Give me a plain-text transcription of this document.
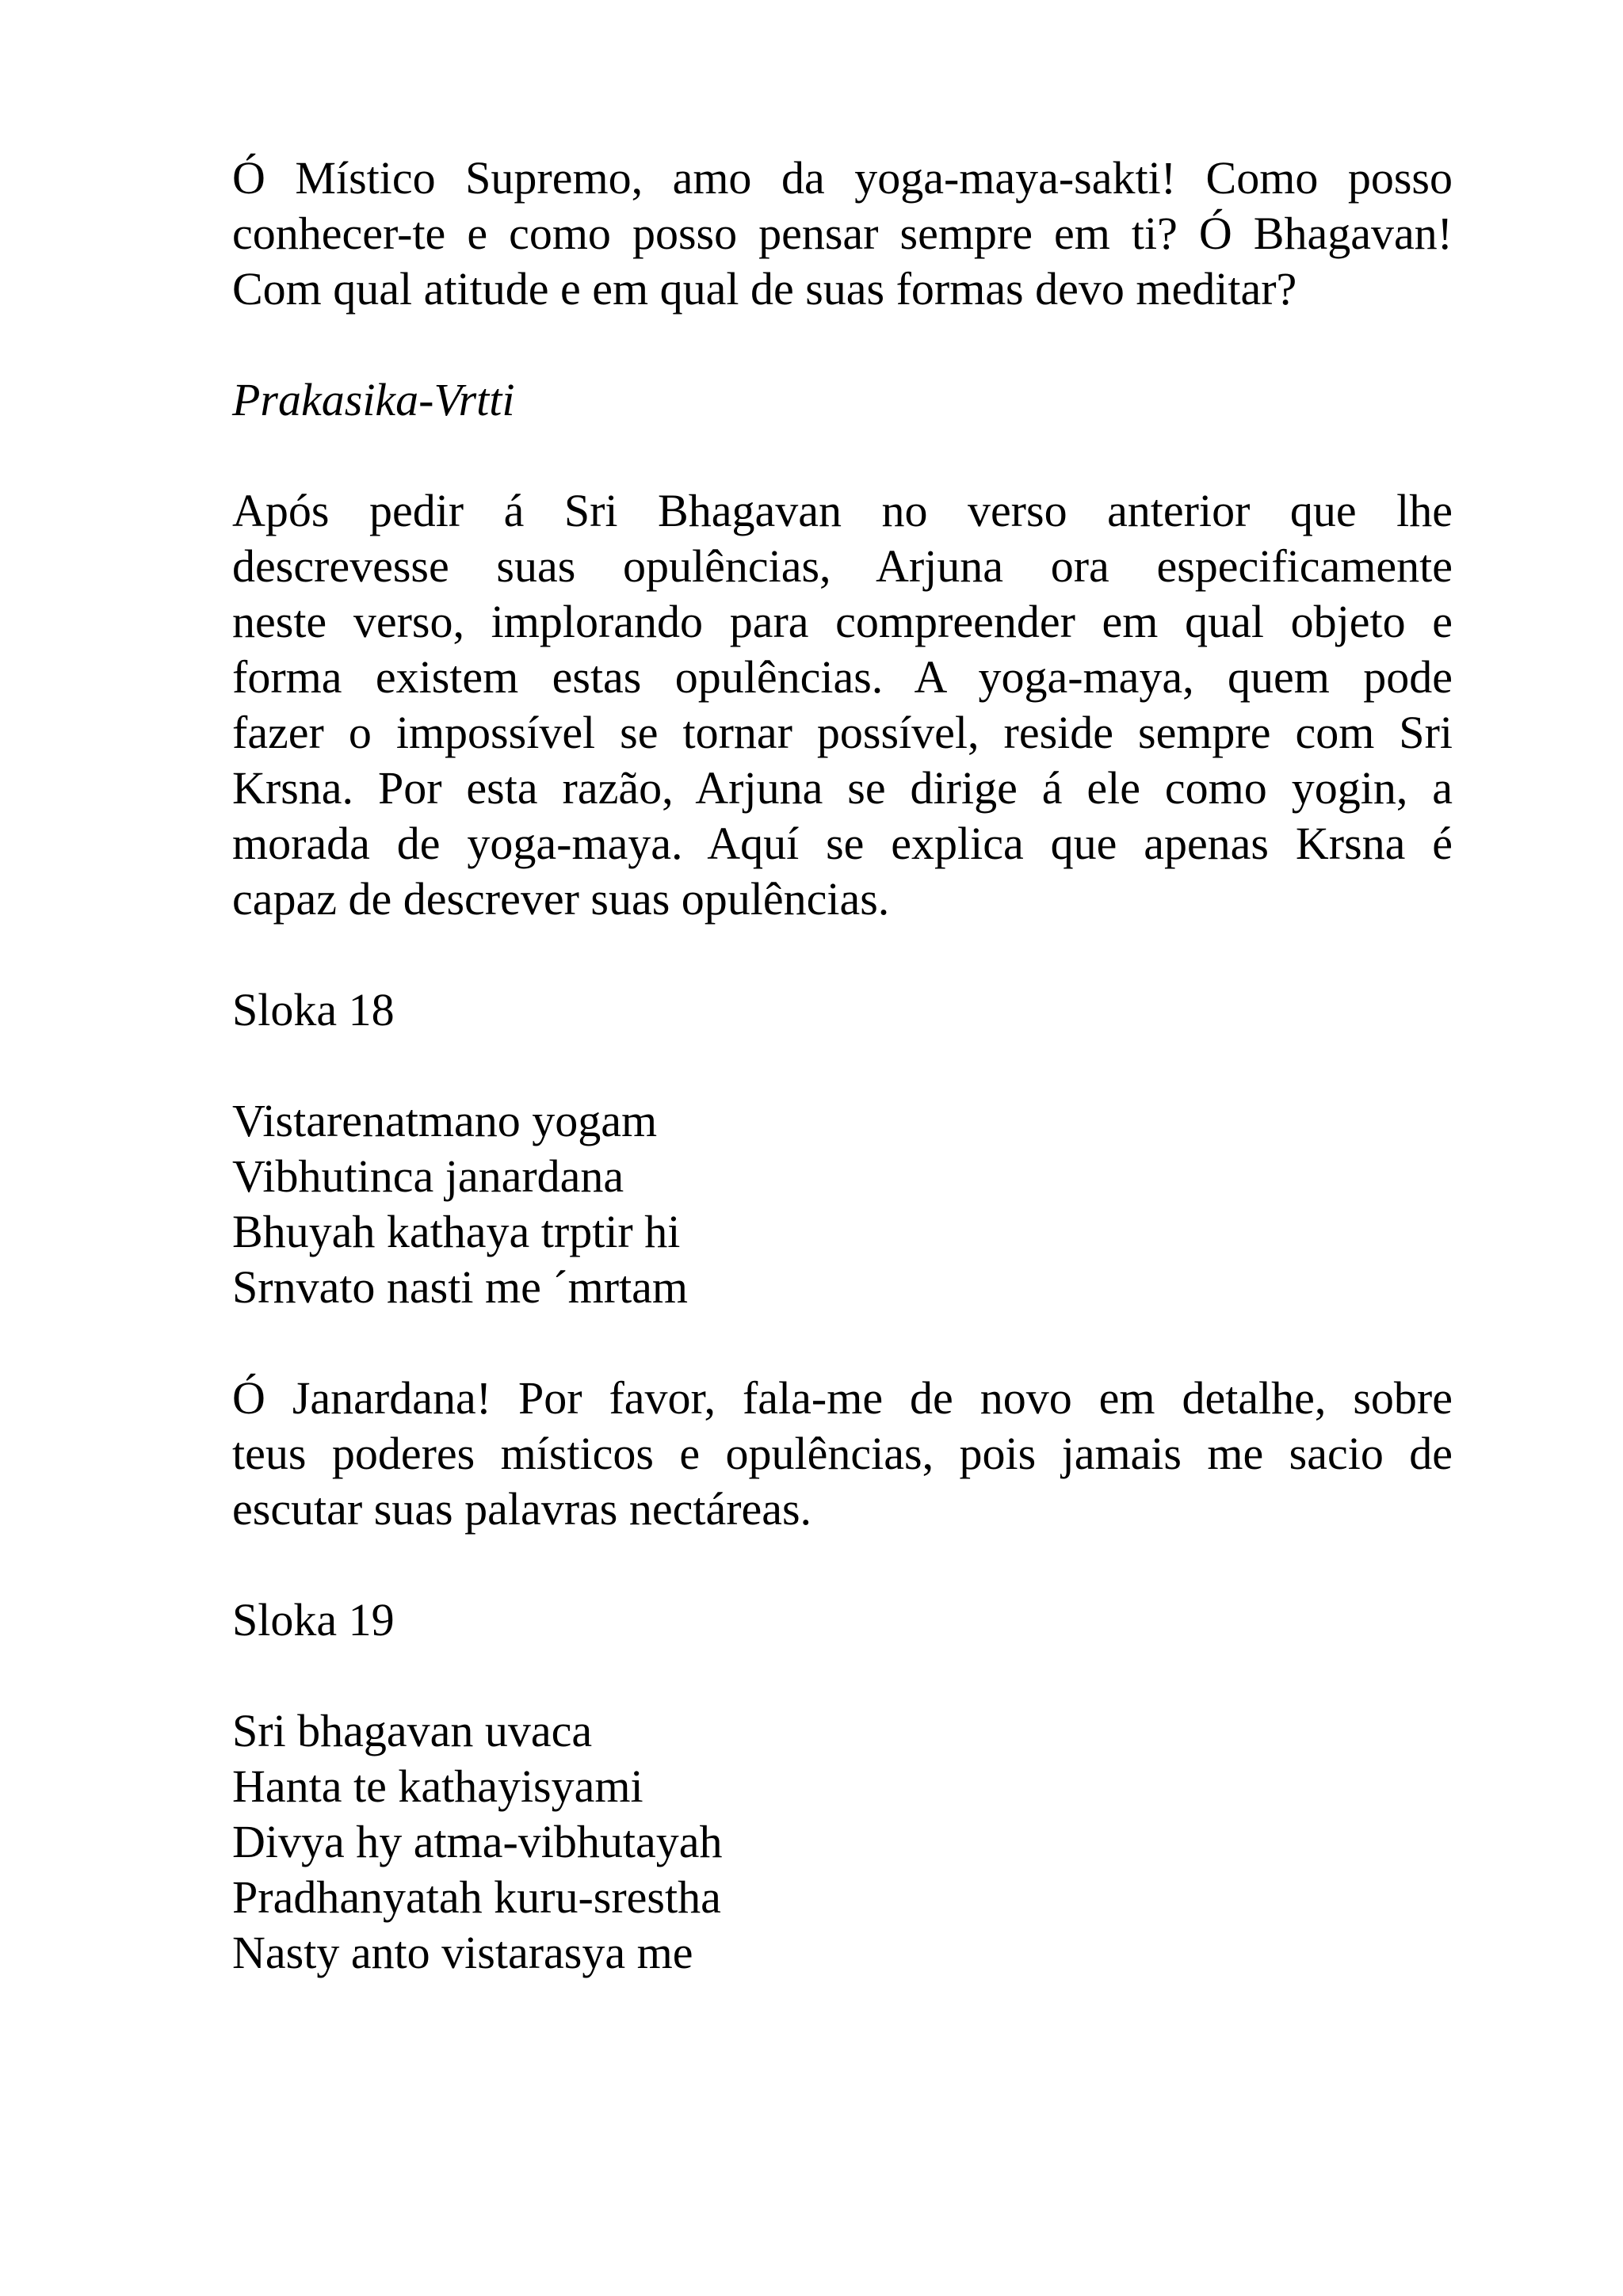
Ó Místico Supremo, amo da yoga-maya-sakti! Como posso
conhecer-te e como posso pensar sempre em ti? Ó Bhagavan!
Com qual atitude e em qual de suas formas devo meditar?

Prakasika-Vrtti

Após pedir á Sri Bhagavan no verso anterior que lhe
descrevesse suas opulências, Arjuna ora especificamente
neste verso, implorando para compreender em qual objeto e
forma existem estas opulências. A yoga-maya, quem pode
fazer o impossível se tornar possível, reside sempre com Sri
Krsna. Por esta razão, Arjuna se dirige á ele como yogin, a
morada de yoga-maya. Aquí se explica que apenas Krsna é
capaz de descrever suas opulências.

Sloka 18

Vistarenatmano yogam
Vibhutinca janardana
Bhuyah kathaya trptir hi
Srnvato nasti me ´mrtam

Ó Janardana! Por favor, fala-me de novo em detalhe, sobre
teus poderes místicos e opulências, pois jamais me sacio de
escutar suas palavras nectáreas.

Sloka 19

Sri bhagavan uvaca
Hanta te kathayisyami
Divya hy atma-vibhutayah
Pradhanyatah kuru-srestha
Nasty anto vistarasya me
